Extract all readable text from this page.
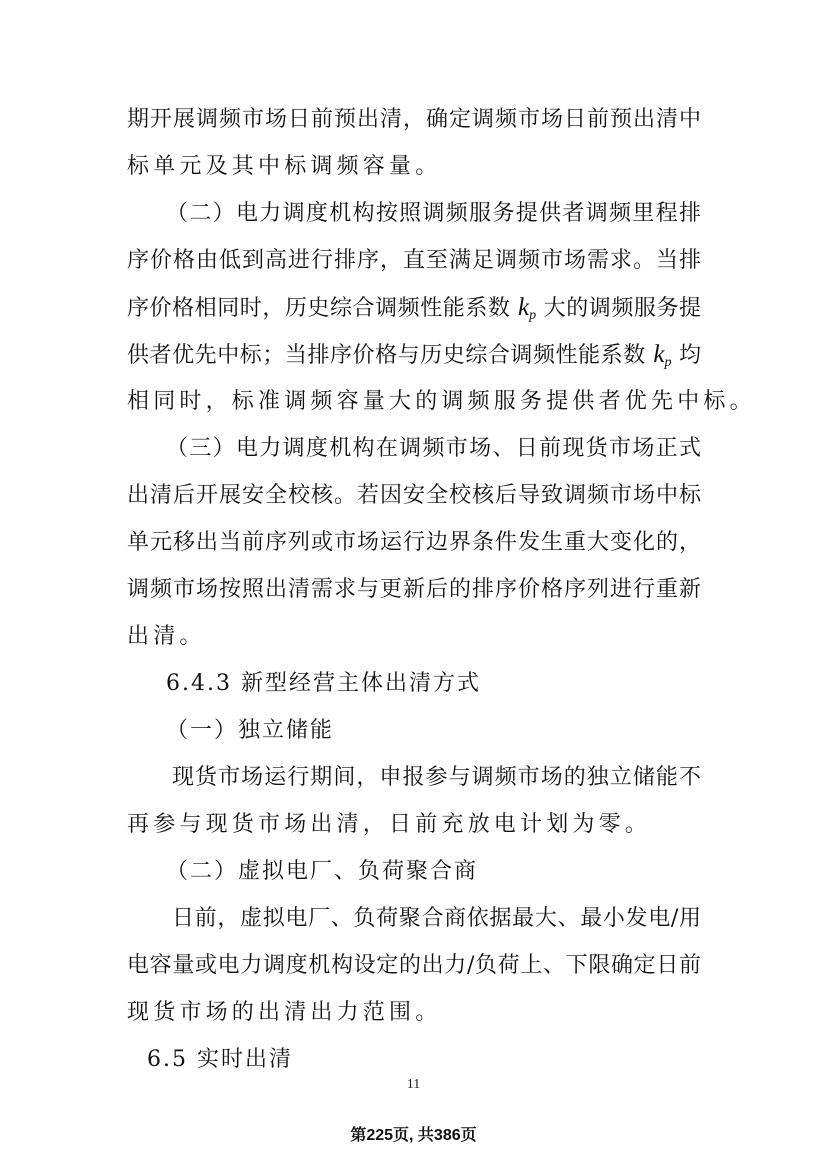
期开展调频市场日前预出清，确定调频市场日前预出清中
标单元及其中标调频容量。
（二）电力调度机构按照调频服务提供者调频里程排
序价格由低到高进行排序，直至满足调频市场需求。当排
序价格相同时，历史综合调频性能系数 $k_p$ 大的调频服务提
供者优先中标；当排序价格与历史综合调频性能系数 $k_p$ 均
相同时，标准调频容量大的调频服务提供者优先中标。
（三）电力调度机构在调频市场、日前现货市场正式
出清后开展安全校核。若因安全校核后导致调频市场中标
单元移出当前序列或市场运行边界条件发生重大变化的，
调频市场按照出清需求与更新后的排序价格序列进行重新
出清。
6.4.3 新型经营主体出清方式
（一）独立储能
现货市场运行期间，申报参与调频市场的独立储能不
再参与现货市场出清，日前充放电计划为零。
（二）虚拟电厂、负荷聚合商
日前，虚拟电厂、负荷聚合商依据最大、最小发电/用
电容量或电力调度机构设定的出力/负荷上、下限确定日前
现货市场的出清出力范围。
6.5 实时出清
11
第225页, 共386页
